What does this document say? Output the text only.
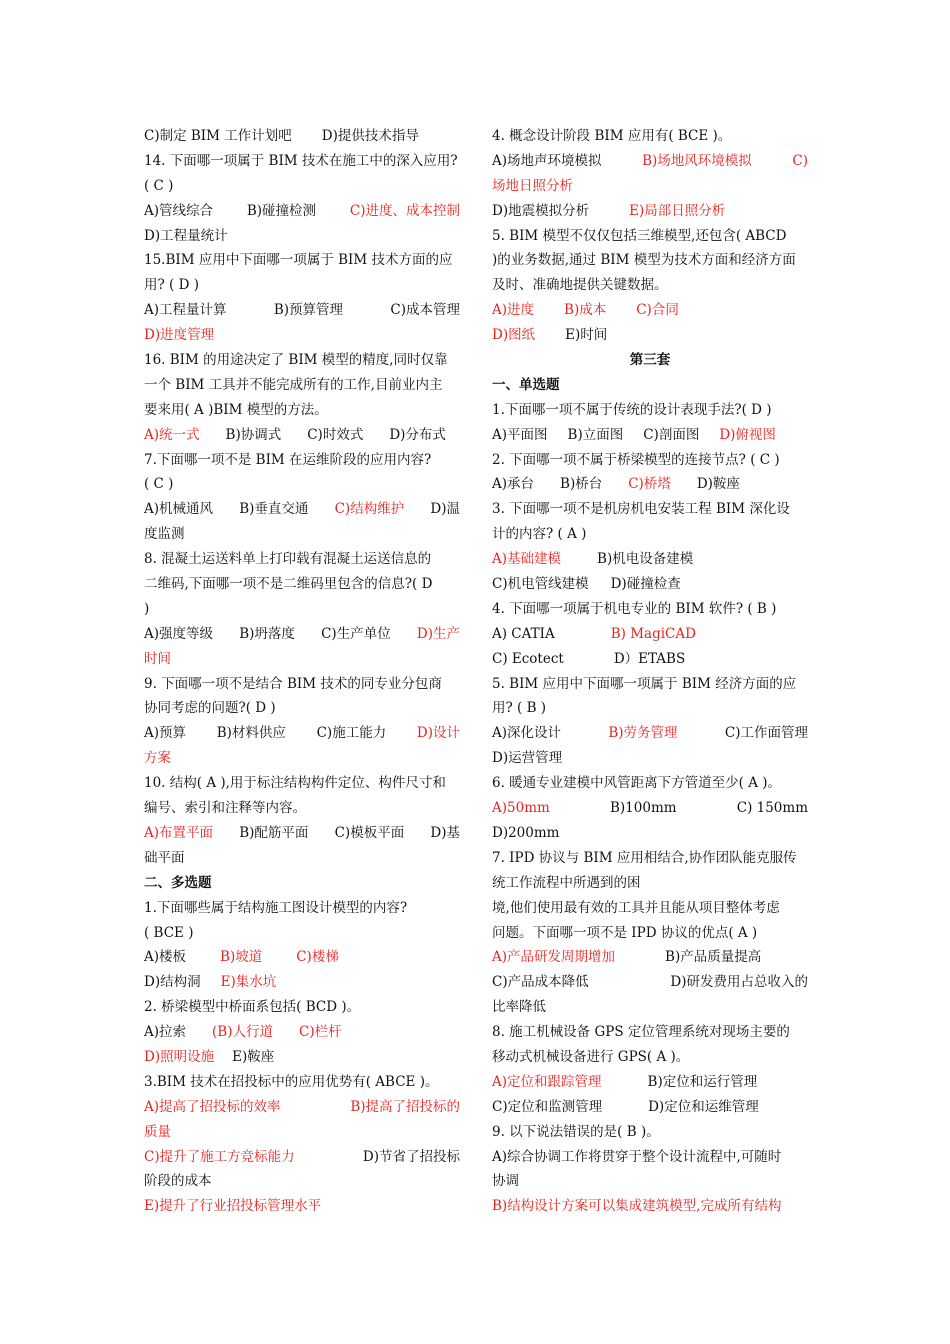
C)制定 BIM 工作计划吧 D)提供技术指导
14. 下面哪一项属于 BIM 技术在施工中的深入应用?
( C )
A)管线综合	B)碰撞检测	C)进度、成本控制
D)工程量统计
15.BIM 应用中下面哪一项属于 BIM 技术方面的应
用? ( D )
A)工程量计算	B)预算管理	C)成本管理
D)进度管理
16. BIM 的用途决定了 BIM 模型的精度,同时仅靠
一个 BIM 工具并不能完成所有的工作,目前业内主
要来用( A )BIM 模型的方法。
A)统一式 B)协调式 C)时效式 D)分布式
7.下面哪一项不是 BIM 在运维阶段的应用内容?
( C )
A)机械通风 B)垂直交通 C)结构维护 D)温
度监测
8. 混凝土运送料单上打印载有混凝土运送信息的
二维码,下面哪一项不是二维码里包含的信息?( D
)
A)强度等级 B)坍落度 C)生产单位 D)生产
时间
9. 下面哪一项不是结合 BIM 技术的同专业分包商
协同考虑的问题?( D )
A)预算 B)材料供应 C)施工能力 D)设计
方案
10. 结构( A ),用于标注结构构件定位、构件尺寸和
编号、索引和注释等内容。
A)布置平面 B)配筋平面 C)模板平面 D)基
础平面
二、多选题
1.下面哪些属于结构施工图设计模型的内容?
( BCE )
A)楼板	B)坡道	C)楼梯
D)结构洞 E)集水坑
2. 桥梁模型中桥面系包括( BCD )。
A)拉索 (B)人行道 C)栏杆
D)照明设施 E)鞍座
3.BIM 技术在招投标中的应用优势有( ABCE )。
A)提高了招投标的效率	B)提高了招投标的
质量
C)提升了施工方竞标能力	D)节省了招投标
阶段的成本
E)提升了行业招投标管理水平
4. 概念设计阶段 BIM 应用有( BCE )。
A)场地声环境模拟	B)场地风环境模拟	C)
场地日照分析
D)地震模拟分析	E)局部日照分析
5. BIM 模型不仅仅包括三维模型,还包含( ABCD
)的业务数据,通过 BIM 模型为技术方面和经济方面
及时、准确地提供关键数据。
A)进度 B)成本 C)合同
D)图纸 E)时间
第三套
一、单选题
1.下面哪一项不属于传统的设计表现手法?( D )
A)平面图 B)立面图 C)剖面图 D)俯视图
2. 下面哪一项不属于桥梁模型的连接节点? ( C )
A)承台 B)桥台 C)桥塔 D)鞍座
3. 下面哪一项不是机房机电安装工程 BIM 深化设
计的内容? ( A )
A)基础建模	B)机电设备建模
C)机电管线建模 D)碰撞检查
4. 下面哪一项属于机电专业的 BIM 软件? ( B )
A) CATIA	B) MagiCAD
C) Ecotect	D）ETABS
5. BIM 应用中下面哪一项属于 BIM 经济方面的应
用? ( B )
A)深化设计	B)劳务管理	C)工作面管理
D)运营管理
6. 暖通专业建模中风管距离下方管道至少( A )。
A)50mm	B)100mm	C) 150mm
D)200mm
7. IPD 协议与 BIM 应用相结合,协作团队能克服传
统工作流程中所遇到的困
境,他们使用最有效的工具并且能从项目整体考虑
问题。下面哪一项不是 IPD 协议的优点( A )
A)产品研发周期增加	B)产品质量提高
C)产品成本降低	D)研发费用占总收入的
比率降低
8. 施工机械设备 GPS 定位管理系统对现场主要的
移动式机械设备进行 GPS( A )。
A)定位和跟踪管理	B)定位和运行管理
C)定位和监测管理	D)定位和运维管理
9. 以下说法错误的是( B )。
A)综合协调工作将贯穿于整个设计流程中,可随时
协调
B)结构设计方案可以集成建筑模型,完成所有结构
